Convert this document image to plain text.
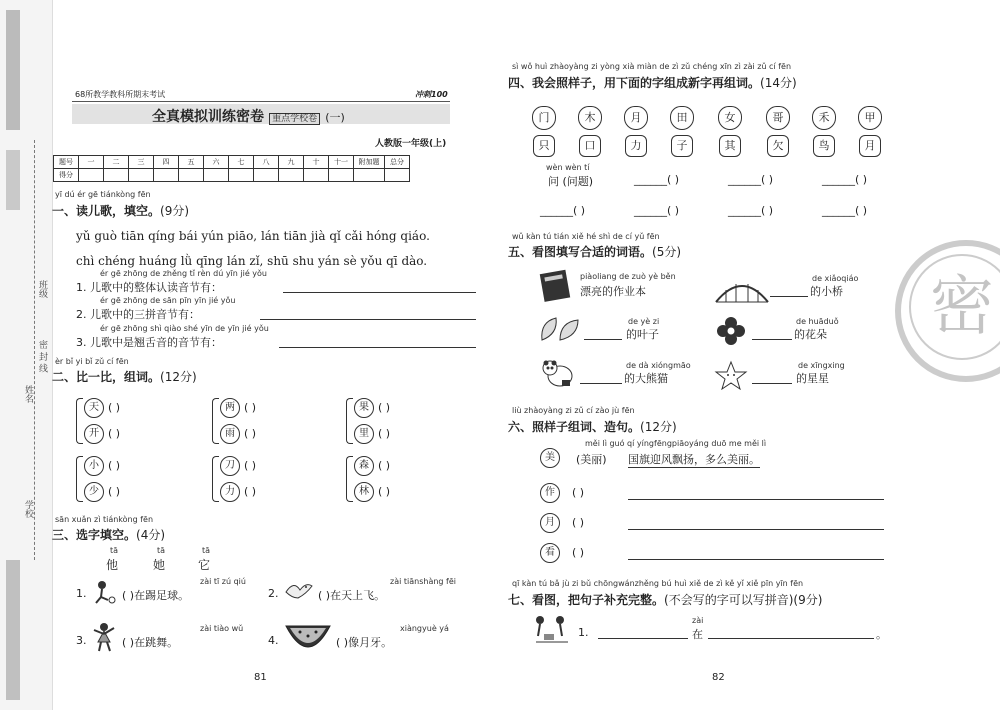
班级
姓名
密 封 线
学校
68所教学教科所期末考试	冲刺100
全真模拟训练密卷 重点学校卷 (一)
人教版一年级(上)
题号	一	二	三	四	五	六	七	八	九	十	十一	附加题	总分
得分													
yī dú ér gē tiánkòng fēn
一、读儿歌，填空。(9分)
yǔ guò tiān qíng bái yún piāo, lán tiān jià qǐ cǎi hóng qiáo.
chì chéng huáng lǜ qīng lán zǐ, shū shu yán sè yǒu qī dào.
ér gē zhōng de zhěng tǐ rèn dú yīn jié yǒu
1. 儿歌中的整体认读音节有：
ér gē zhōng de sān pīn yīn jié yǒu
2. 儿歌中的三拼音节有：
ér gē zhōng shì qiào shé yīn de yīn jié yǒu
3. 儿歌中是翘舌音的音节有：
èr bǐ yi bǐ zǔ cí fēn
二、比一比，组词。(12分)
天 ( )
开 ( )
两 ( )
雨 ( )
果 ( )
里 ( )
小 ( )
少 ( )
刀 ( )
力 ( )
森 ( )
林 ( )
sān xuǎn zì tiánkòng fēn
三、选字填空。(4分)
tā	tā	tā
他	她	它
zài tī zú qiú
1.	( )在踢足球。
zài tiānshàng fēi
2.	( )在天上飞。
zài tiào wǔ
3.	( )在跳舞。
xiàngyuè yá
4.	( )像月牙。
81
sì wǒ huì zhàoyàng zi yòng xià miàn de zì zǔ chéng xīn zì zài zǔ cí fēn
四、我会照样子，用下面的字组成新字再组词。(14分)
门	木	月	田	女	哥	禾	甲
只	口	力	子	其	欠	鸟	月
wèn wèn tí
问 (问题)	______( )	______( )	______( )
______( )	______( )	______( )	______( )
wǔ kàn tú tián xiě hé shì de cí yǔ fēn
五、看图填写合适的词语。(5分)
piàoliang de zuò yè běn
漂亮的作业本
de xiǎoqiáo
的小桥
de yè zi
的叶子
de huāduǒ
的花朵
de dà xióngmāo
的大熊猫
de xīngxing
的星星
liù zhàoyàng zi zǔ cí zào jù fēn
六、照样子组词、造句。(12分)
měi lì guó qí yíngfēngpiāoyáng duō me měi lì
美	(美丽) 国旗迎风飘扬，多么美丽。
作	( )
月	( )
看	( )
qī kàn tú bǎ jù zi bǔ chōngwánzhěng bú huì xiě de zì kě yǐ xiě pīn yīn fēn
七、看图，把句子补充完整。(不会写的字可以写拼音)(9分)
1.
zài
在	。
82
密
